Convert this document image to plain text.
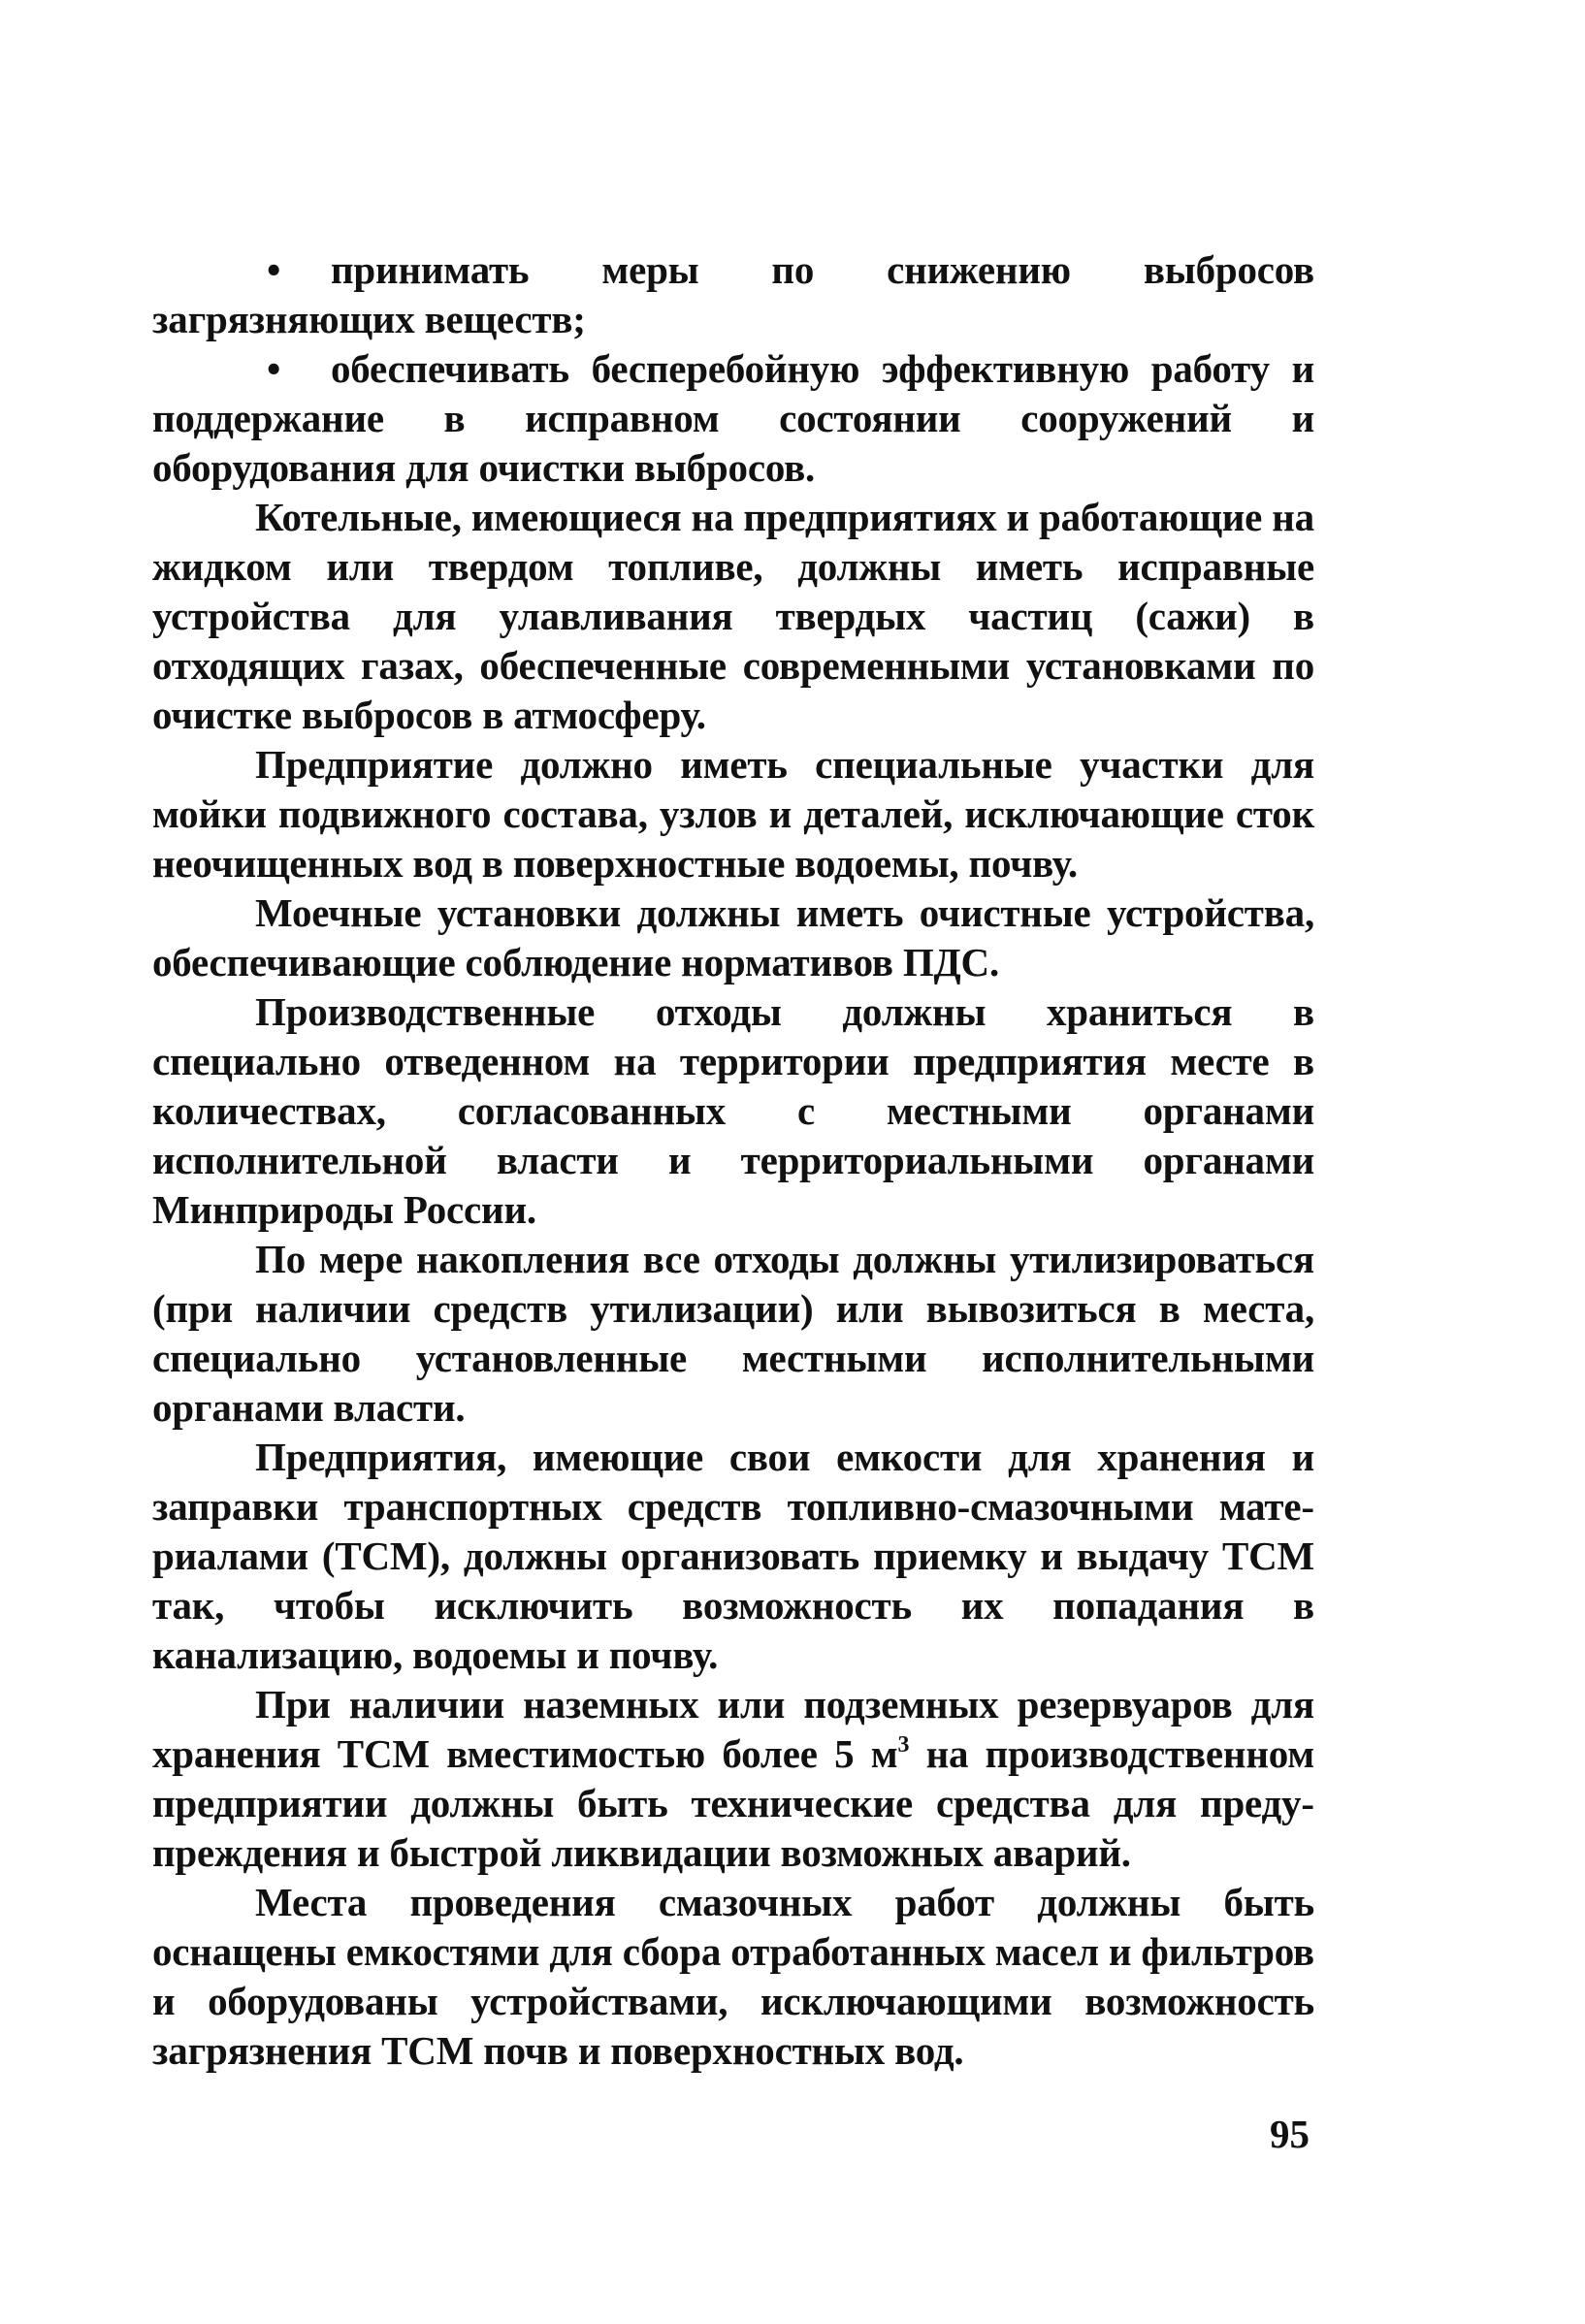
• принимать меры по снижению выбросов загрязняющих веществ;

• обеспечивать бесперебойную эффективную работу и поддержание в исправном состоянии сооружений и оборудования для очистки выбросов.

Котельные, имеющиеся на предприятиях и работающие на жидком или твердом топливе, должны иметь исправные устройства для улавливания твердых частиц (сажи) в отходящих газах, обеспеченные современными установками по очистке выбросов в атмосферу.

Предприятие должно иметь специальные участки для мойки подвижного состава, узлов и деталей, исключающие сток неочищенных вод в поверхностные водоемы, почву.

Моечные установки должны иметь очистные устройства, обеспечивающие соблюдение нормативов ПДС.

Производственные отходы должны храниться в специально отведенном на территории предприятия месте в количествах, согласованных с местными органами исполнительной власти и территориальными органами Минприроды России.

По мере накопления все отходы должны утилизироваться (при наличии средств утилизации) или вывозиться в места, специально установленные местными исполнительными органами власти.

Предприятия, имеющие свои емкости для хранения и заправки транспортных средств топливно-смазочными материалами (ТСМ), должны организовать приемку и выдачу ТСМ так, чтобы исключить возможность их попадания в канализацию, водоемы и почву.

При наличии наземных или подземных резервуаров для хранения ТСМ вместимостью более 5 $м^3$ на производственном предприятии должны быть технические средства для предупреждения и быстрой ликвидации возможных аварий.

Места проведения смазочных работ должны быть оснащены емкостями для сбора отработанных масел и фильтров и оборудованы устройствами, исключающими возможность загрязнения ТСМ почв и поверхностных вод.

95
